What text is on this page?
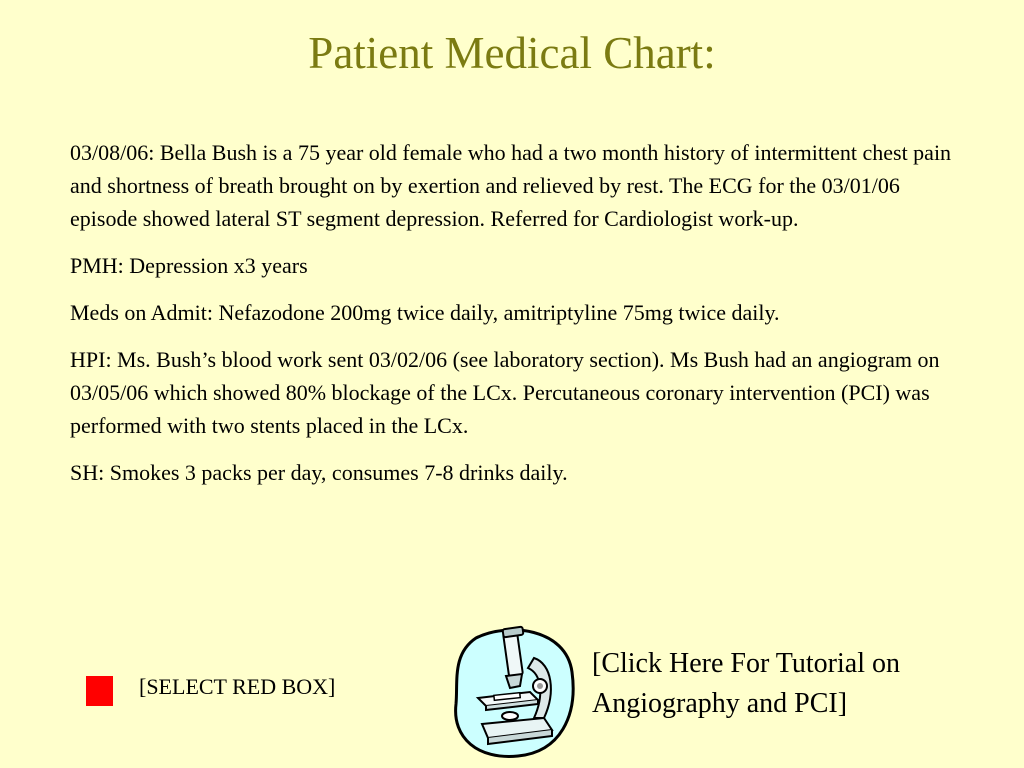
Patient Medical Chart:

03/08/06: Bella Bush is a 75 year old female who had a two month history of intermittent chest pain and shortness of breath brought on by exertion and relieved by rest. The ECG for the 03/01/06 episode showed lateral ST segment depression. Referred for Cardiologist work-up.

PMH: Depression x3 years

Meds on Admit: Nefazodone 200mg twice daily, amitriptyline 75mg twice daily.

HPI: Ms. Bush’s blood work sent 03/02/06 (see laboratory section). Ms Bush had an angiogram on 03/05/06 which showed 80% blockage of the LCx. Percutaneous coronary intervention (PCI) was performed with two stents placed in the LCx.

SH: Smokes 3 packs per day, consumes 7-8 drinks daily.

[SELECT RED BOX]
[Click Here For Tutorial on Angiography and PCI]
